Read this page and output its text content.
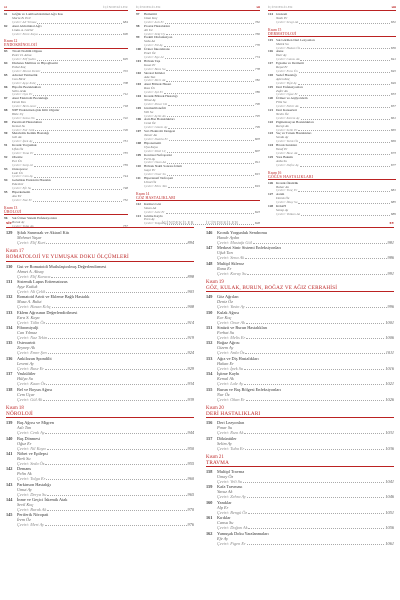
xi	İÇİNDEKİLER
81	Göğüs ve Lomboabdominal Ağrı Kas
Maria B. Evir
Çeviri: Ali Yılmaz	684
82	Akut Abdominal Ağrı
Linda A. Gürler
Çeviri: Emre Kaya	690
Kısım 12
ENDOKRİNOLOJİ
83	Tiroid Nodülü Olgusu
Peter D. Alma
Çeviri: Elif Şahin	695
84	Diabetes Mellitus ve Hipoglisemi
Erdal Koç
Çeviri: Murat Demir	701
85	Adrenal Yetmezlik
Can Birol
Çeviri: Ayşe Kılıç	708
86	Hipofiz Bozuklukları
Selin Arda
Çeviri: Oya Er	712
87	Akut Elektrolit Bozukluğu
Deniz Tan
Çeviri: Berk Acar	718
88	NPF Endokrinolojide Kilit Olgular
Hale Uç
Çeviri: Sema Ok	722
89	Paratiroid Hastalıkları
Kemal Su
Çeviri: Nur Gök	726
90	Metabolik Kemik Hastalığı
Gül Ak
Çeviri: İpek Ay	731
91	Kronik Yorgunluk
Ufuk Öz
Çeviri: Tuna Er	735
92	Obezite
Ece Ün
Çeviri: Sarp Al	739
93	Osteoporoz
Lale Ün
Çeviri: Cem Ay	744
94	Gebelikte Endokrin Hastalık
Eda Kor
Çeviri: Efe Su	748
95	Hiperkalsemi
Ata Yıl
Çeviri: Naz Er	752
Kısım 13
ÜROLOJİ
96	Sık Üriner Sistem Enfeksiyonları
Burak Ay
Çeviri: Tuba Ak	757
İÇİNDEKİLER	xii
97	Hematüri
Ozan Koç
Çeviri: Aslı Er	762
98	Prostat Hastalıkları
Ali Uz
Çeviri: Zeki Oy	766
99	Erektil Disfonksiyon
Seda Ak
Çeviri: Nil Ay	770
100 Üriner İnkontinans
Emel Öz
Çeviri: Ege Al	774
101 Böbrek Taşı
Kaan Er
Çeviri: Bora Su	778
102 Skrotal Kitleler
Ada Tan
Çeviri: Mert Ak	782
103 Akut Böbrek Hasarı
Rıza Ün
Çeviri: Işıl Er	786
104 Kronik Böbrek Hastalığı
Nihat Ay
Çeviri: Pınar Ok	790
105 Glomerülonefrit
Veli Su
Çeviri: Aylin Ak	795
106 Asit-Baz Bozuklukları
Cenk Öz
Çeviri: Gizem Ay	799
107 Sıvı Elektrolit Dengesi
Tamer Ak
Çeviri: Damla Er	803
108 Hiponatremi
Oya Kaya
Çeviri: Sibel Uç	807
109 Kontrast Nefropatisi
Ferit Ay
Çeviri: Ozan Ak	811
110 Böbrek Nakli Sonrası İzlem
Gaye Er
Çeviri: Onur Su	815
111 Hipertansif Nefropati
Umut Öz
Çeviri: Ebru Tan	819
Kısım 14
GÖZ HASTALIKLARI
112 Kırmızı Göz
Sinan Ak
Çeviri: Lale Er	823
113 Görme Kaybı
Eren Ay
Çeviri: Tolga Su	828
İÇİNDEKİLER	xiii
114 Glokom
Nazlı Er
Çeviri: Sevgi Ak	832
Kısım 15
DERMATOLOJİ
115 Sık Görülen Deri Lezyonları
Melek Su
Çeviri: Hakan Öz	836
116 Akne
İlker Ay
Çeviri: Cansu Ak	841
117 Egzama ve Dermatit
Reşat Er
Çeviri: Esra Ün	845
118 Sedef Hastalığı
Ayten Koç
Çeviri: Yiğit Ay	849
119 Deri Enfeksiyonları
Zafer Ak
Çeviri: Oğuz Er	853
120 Ürtiker ve Anjiyoödem
Filiz Su
Çeviri: Nehir Ak	857
121 Deri Kanserleri
Nevin Öz
Çeviri: Kerem Ay	861
122 Pigmentasyon Bozuklukları
Recep Ak
Çeviri: Selin Er	865
123 Saç ve Tırnak Hastalıkları
Sevda Ay
Çeviri: Tarık Öz	869
124 Böcek Isırıkları
Yusuf Er
Çeviri: Buse Ak	873
125 Yara Bakımı
Arda Su
Çeviri: Defne Ay	877
Kısım 16
GÖĞÜS HASTALIKLARI
126 Kronik Öksürük
Bahar Ak
Çeviri: Tunç Er	881
127 Astım
Doruk Öz
Çeviri: İlkay Su	885
128 KOAH
Serap Ay
Çeviri: Volkan Ak	889
xiv	İÇİNDEKİLER
129	Şifalı Sarımsak ve Aktarıl Kitı
Mehmet Yaşar
Çeviri: Elif Kurt	894
Kısım 17
ROMATOLOJİ VE YUMUŞAK DOKU ÖLÇÜMLERİ
130	Gut ve Romatoidi Mutlulaştırılmış Değerlendirmesi
Ahmet A. Aksoy
Çeviri: Elif Karaca	898
131	Sistemik Lupus Eritematozus
Ayşe Kutluk
Çeviri: Ali Çelik	903
132	Romatoid Artrit ve Ekleme Bağlı Hastalık
Musa A. Bulut
Çeviri: Hasan Kılıç	908
133	Eklem Ağrısının Değerlendirilmesi
Esra S. Kaya
Çeviri: Tülin Öz	914
134	Fibromiyalji
Can Yılmaz
Çeviri: Naz Tekin	919
135	Osteoartrit
Zeynep Ak
Çeviri: Emre Şen	924
136	Ankilozan Spondilit
Levent Ay
Çeviri: Buse Er	929
137	Vaskülitler
Hülya Su
Çeviri: Kaan Öz	934
138	Bel ve Boyun Ağrısı
Cem Uçar
Çeviri: Gül Ak	939
Kısım 18
NÖROLOJİ
139	Baş Ağrısı ve Migren
Aslı Tan
Çeviri: Cenk Ay	944
140	Baş Dönmesi
Oğuz Er
Çeviri: Nil Kaya	950
141	Nöbet ve Epilepsi
Berk Su
Çeviri: Seda Öz	955
142	Demans
Pelin Ak
Çeviri: Tolga Er	960
143	Parkinson Hastalığı
Umut Ay
Çeviri: Derya Su	965
144	İnme ve Geçici İskemik Atak
Sevil Koç
Çeviri: Burak Ak	970
145	Periferik Nöropati
İrem Öz
Çeviri: Mert Ay	976
İÇİNDEKİLER	xv
146	Kronik Yorgunluk Sendromu
Hande Aydın
Çeviri: Mustafa Gül	981
147	Merkezi Sinir Sistemi Enfeksiyonları
Ufuk Tan
Çeviri: Sena Ak	986
148	Multipl Skleroz
Rana Er
Çeviri: Koray Su	991
Kısım 19
GÖZ, KULAK, BURUN, BOĞAZ VE AĞIZ CERRAHİSİ
149	Göz Ağrıları
Deniz Öz
Çeviri: Yasin Ay	996
150	Kulak Ağrısı
Ece Koç
Çeviri: Onur Ak	1001
151	Sinüzit ve Burun Hastalıkları
Ferhat Su
Çeviri: Melis Er	1006
152	Boğaz Ağrısı
Gizem Ay
Çeviri: Arda Öz	1011
153	Ağız ve Diş Hastalıkları
Hakan Er
Çeviri: İpek Su	1016
154	İşitme Kaybı
Kemal Ak
Çeviri: Lale Ay	1021
155	Burun ve Baş Bölgesi Enfeksiyonları
Nur Öz
Çeviri: Okan Er	1026
Kısım 20
DERİ HASTALIKLARI
156	Deri Lezyonları
Pınar Su
Çeviri: Rıza Ak	1031
157	Döküntüler
Selim Ay
Çeviri: Tuba Er	1036
Kısım 21
TRAVMA
158	Multipl Travma
Umay Öz
Çeviri: Veli Su	1041
159	Kafa Travması
Yavuz Ak
Çeviri: Zehra Ay	1046
160	Yanıklar
Alp Er
Çeviri: Bengü Öz	1051
161	Kırıklar
Cansu Su
Çeviri: Doğan Ak	1056
162	Yumuşak Doku Yaralanmaları
Efe Ay
Çeviri: Figen Er	1061
